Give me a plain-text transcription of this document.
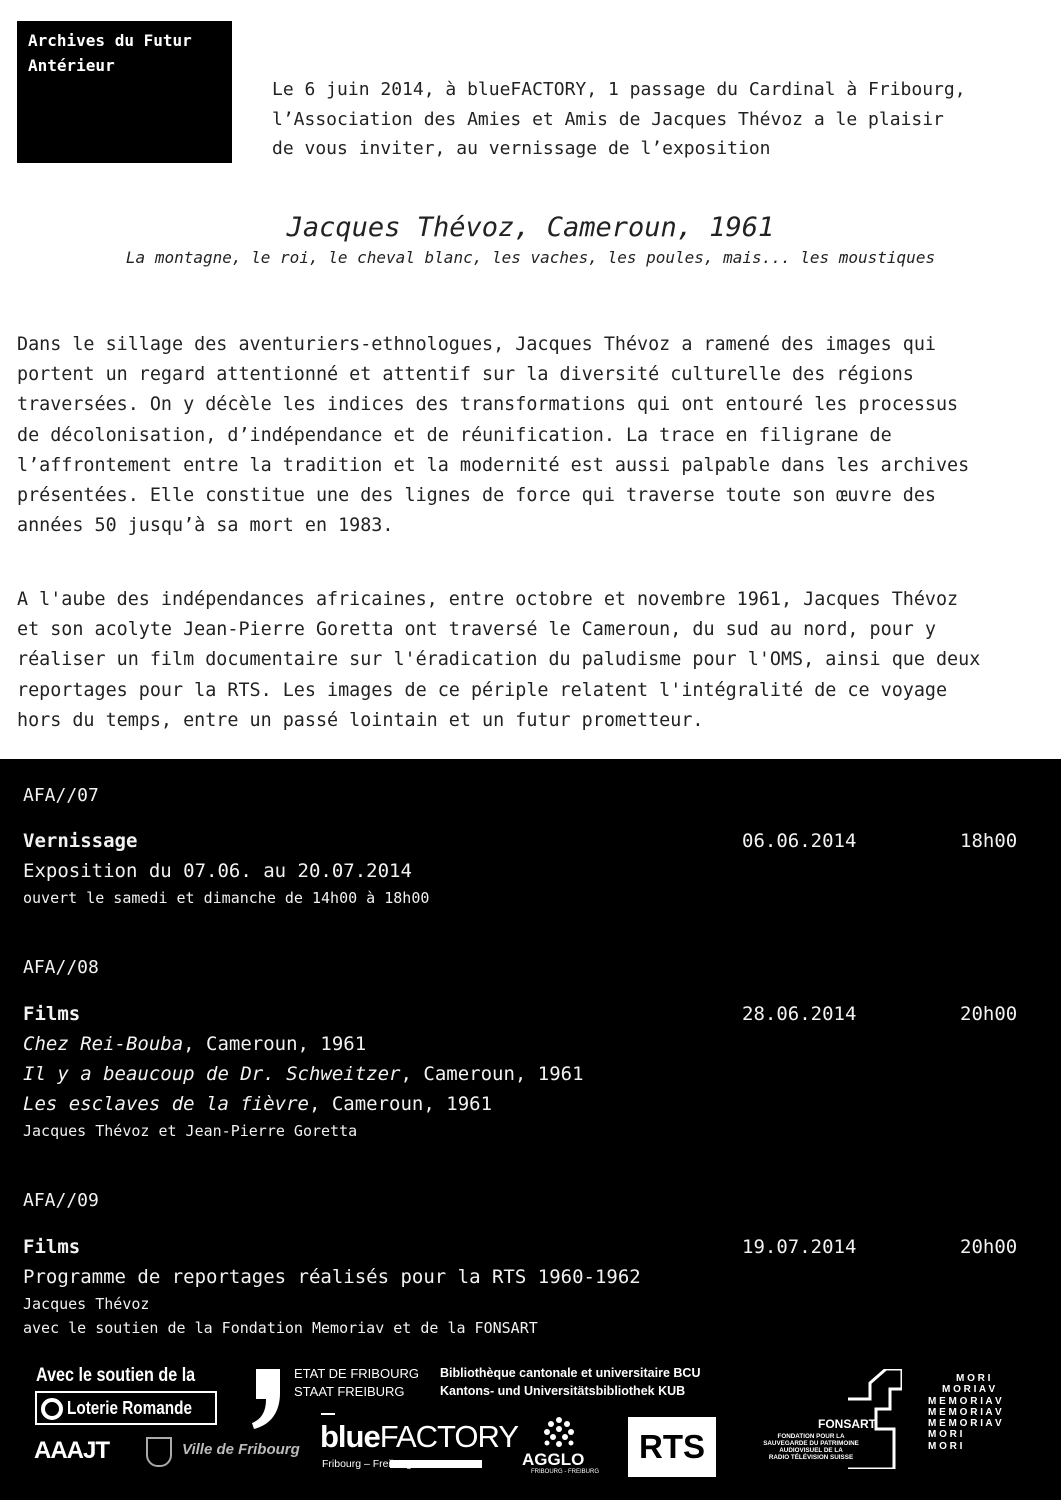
Archives du Futur
Antérieur
Le 6 juin 2014, à blueFACTORY, 1 passage du Cardinal à Fribourg,
l’Association des Amies et Amis de Jacques Thévoz a le plaisir
de vous inviter, au vernissage de l’exposition
Jacques Thévoz, Cameroun, 1961
La montagne, le roi, le cheval blanc, les vaches, les poules, mais... les moustiques
Dans le sillage des aventuriers-ethnologues, Jacques Thévoz a ramené des images qui
portent un regard attentionné et attentif sur la diversité culturelle des régions
traversées. On y décèle les indices des transformations qui ont entouré les processus
de décolonisation, d’indépendance et de réunification. La trace en filigrane de
l’affrontement entre la tradition et la modernité est aussi palpable dans les archives
présentées. Elle constitue une des lignes de force qui traverse toute son œuvre des
années 50 jusqu’à sa mort en 1983.
A l'aube des indépendances africaines, entre octobre et novembre 1961, Jacques Thévoz
et son acolyte Jean-Pierre Goretta ont traversé le Cameroun, du sud au nord, pour y
réaliser un film documentaire sur l'éradication du paludisme pour l'OMS, ainsi que deux
reportages pour la RTS. Les images de ce périple relatent l'intégralité de ce voyage
hors du temps, entre un passé lointain et un futur prometteur.
AFA//07
Vernissage	06.06.2014	18h00
Exposition du 07.06. au 20.07.2014
ouvert le samedi et dimanche de 14h00 à 18h00
AFA//08
Films	28.06.2014	20h00
Chez Rei-Bouba, Cameroun, 1961
Il y a beaucoup de Dr. Schweitzer, Cameroun, 1961
Les esclaves de la fièvre, Cameroun, 1961
Jacques Thévoz et Jean-Pierre Goretta
AFA//09
Films	19.07.2014	20h00
Programme de reportages réalisés pour la RTS 1960-1962
Jacques Thévoz
avec le soutien de la Fondation Memoriav et de la FONSART
Avec le soutien de la
Loterie Romande
AAAJT	Ville de Fribourg
ETAT DE FRIBOURG
STAAT FREIBURG
Bibliothèque cantonale et universitaire BCU
Kantons- und Universitätsbibliothek KUB
blueFACTORY
Fribourg – Freiburg	AGGLO
FRIBOURG - FREIBURG
RTS
FONSART
FONDATION POUR LA
SAUVEGARDE DU PATRIMOINE
AUDIOVISUEL DE LA
RADIO TÉLÉVISION SUISSE
M O R I
M O R I A V
M E M O R I A V
M E M O R I A V
M E M O R I A V
M O R I
M O R I
